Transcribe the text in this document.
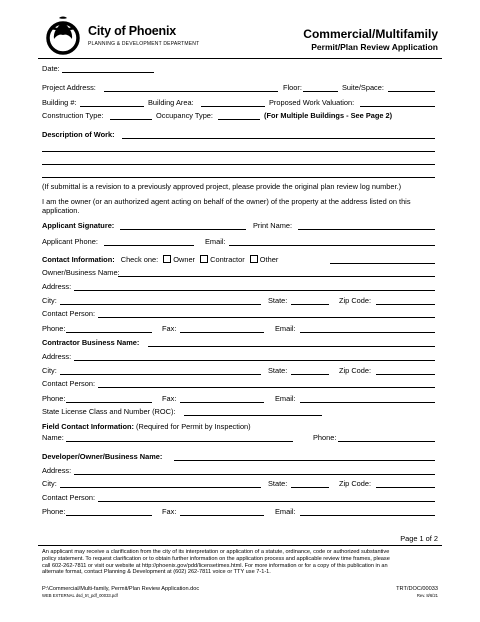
City of Phoenix
PLANNING & DEVELOPMENT DEPARTMENT
Commercial/Multifamily
Permit/Plan Review Application
Date:
Project Address:	Floor:	Suite/Space:
Building #:	Building Area:	Proposed Work Valuation:
Construction Type:	Occupancy Type:	(For Multiple Buildings - See Page 2)
Description of Work:
(If submittal is a revision to a previously approved project, please provide the original plan review log number.)
I am the owner (or an authorized agent acting on behalf of the owner) of the property at the address listed on this application.
Applicant Signature:	Print Name:
Applicant Phone:	Email:
Contact Information: Check one: Owner Contractor Other
Owner/Business Name:
Address:
City:	State:	Zip Code:
Contact Person:
Phone:	Fax:	Email:
Contractor Business Name:
Address:
City:	State:	Zip Code:
Contact Person:
Phone:	Fax:	Email:
State License Class and Number (ROC):
Field Contact Information: (Required for Permit by Inspection)
Name:	Phone:
Developer/Owner/Business Name:
Address:
City:	State:	Zip Code:
Contact Person:
Phone:	Fax:	Email:
Page 1 of 2
An applicant may receive a clarification from the city of its interpretation or application of a statute, ordinance, code or authorized substantive
policy statement. To request clarification or to obtain further information on the application process and applicable review time frames, please
call 602-262-7811 or visit our website at http://phoenix.gov/pdd/licensetimes.html. For more information or for a copy of this publication in an
alternate format, contact Planning & Development at (602) 262-7811 voice or TTY use 7-1-1.
P:\Commercial/Multi-family, Permit/Plan Review Application.doc
WEB EXTERNAL dsd_trt_pdf_00033.pdf
TRT/DOC/00033
Rev. 8/6/21
